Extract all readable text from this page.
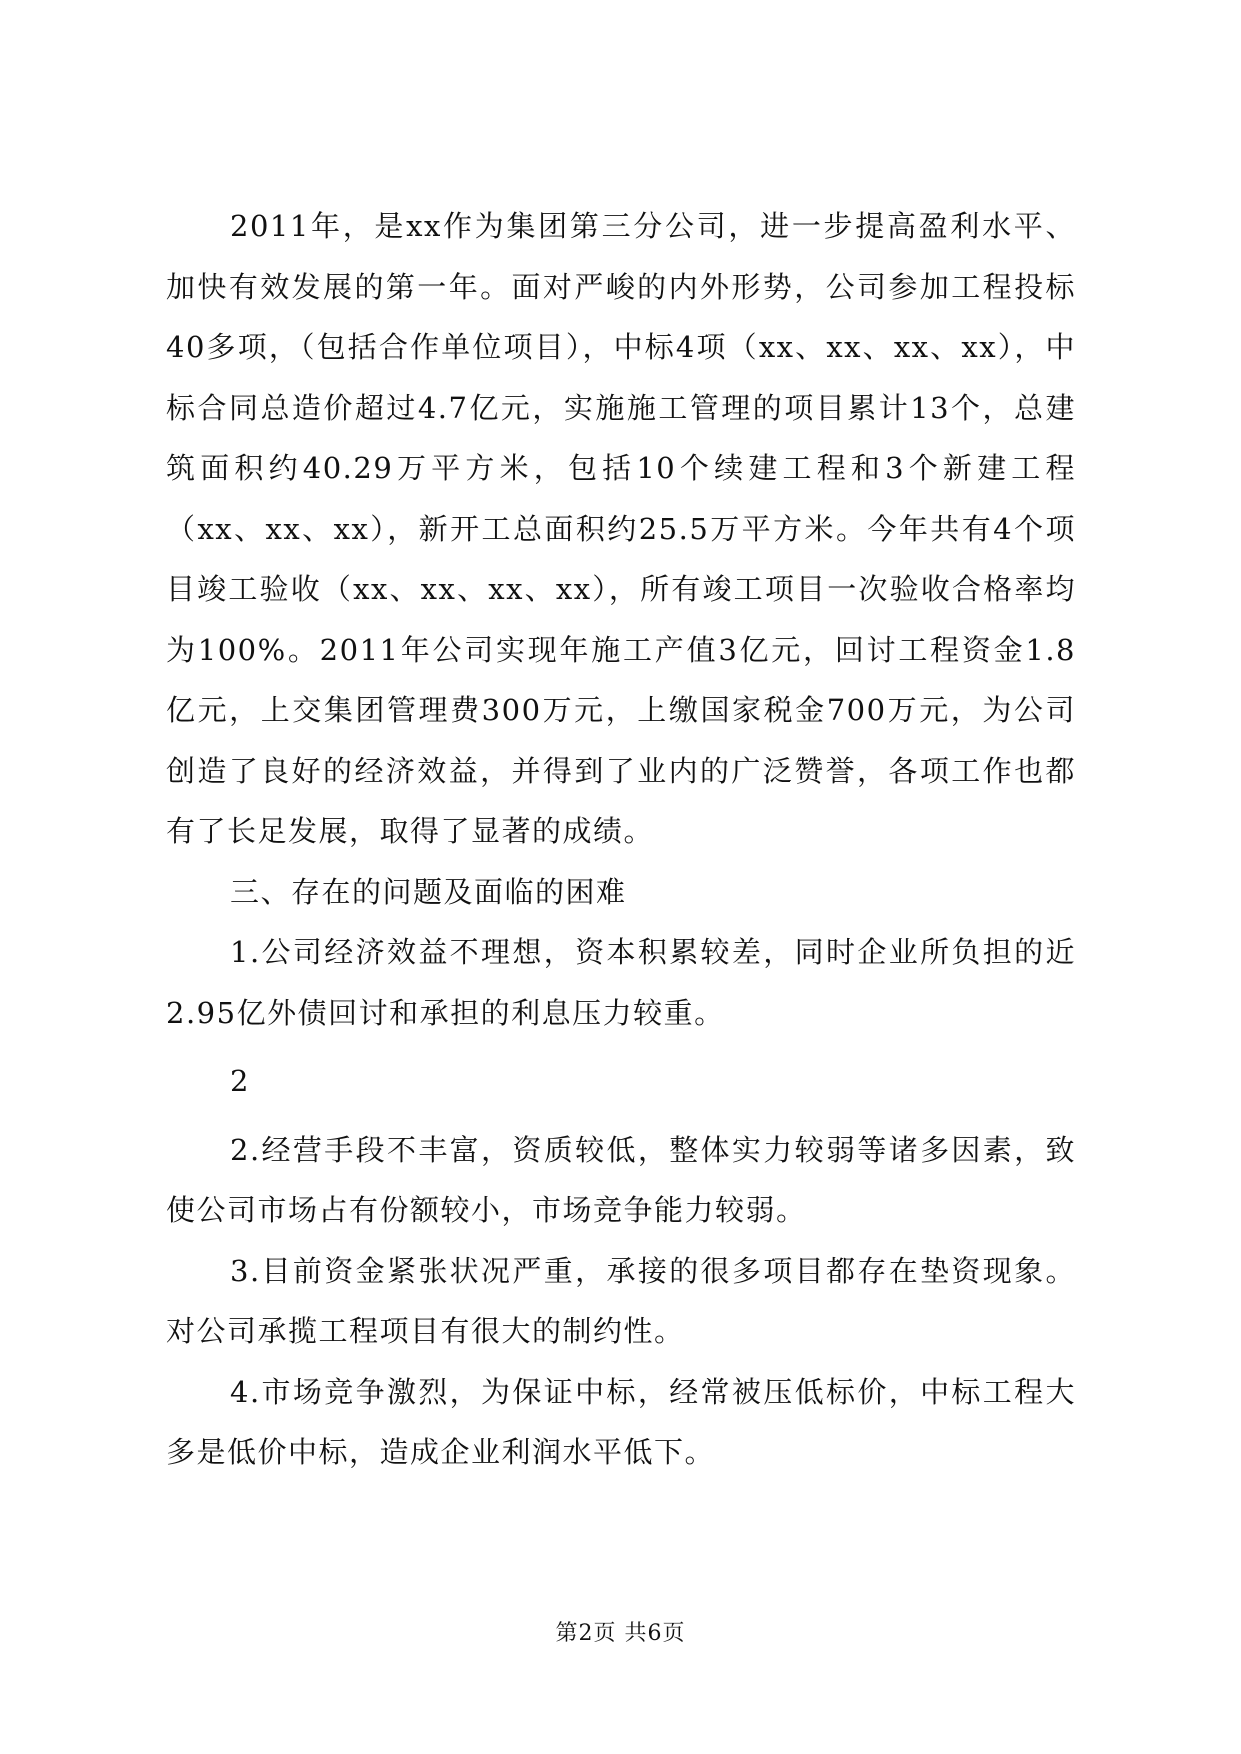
2011年，是xx作为集团第三分公司，进一步提高盈利水平、加快有效发展的第一年。面对严峻的内外形势，公司参加工程投标40多项，（包括合作单位项目），中标4项（xx、xx、xx、xx），中标合同总造价超过4.7亿元，实施施工管理的项目累计13个，总建筑面积约40.29万平方米，包括10个续建工程和3个新建工程（xx、xx、xx），新开工总面积约25.5万平方米。今年共有4个项目竣工验收（xx、xx、xx、xx），所有竣工项目一次验收合格率均为100%。2011年公司实现年施工产值3亿元，回讨工程资金1.8亿元，上交集团管理费300万元，上缴国家税金700万元，为公司创造了良好的经济效益，并得到了业内的广泛赞誉，各项工作也都有了长足发展，取得了显著的成绩。

三、存在的问题及面临的困难

1.公司经济效益不理想，资本积累较差，同时企业所负担的近2.95亿外债回讨和承担的利息压力较重。

2

2.经营手段不丰富，资质较低，整体实力较弱等诸多因素，致使公司市场占有份额较小，市场竞争能力较弱。

3.目前资金紧张状况严重，承接的很多项目都存在垫资现象。对公司承揽工程项目有很大的制约性。

4.市场竞争激烈，为保证中标，经常被压低标价，中标工程大多是低价中标，造成企业利润水平低下。

第2页 共6页
